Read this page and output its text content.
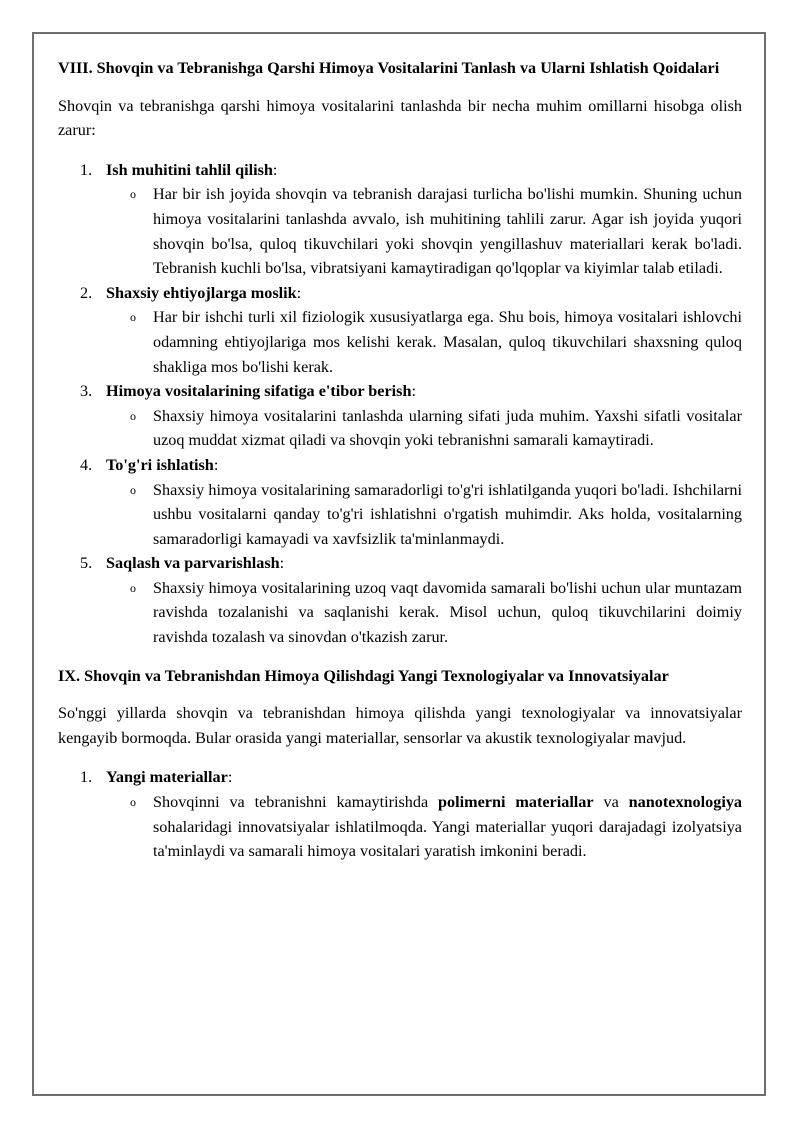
VIII. Shovqin va Tebranishga Qarshi Himoya Vositalarini Tanlash va Ularni Ishlatish Qoidalari

Shovqin va tebranishga qarshi himoya vositalarini tanlashda bir necha muhim omillarni hisobga olish zarur:

1. Ish muhitini tahlil qilish:
o Har bir ish joyida shovqin va tebranish darajasi turlicha bo'lishi mumkin. Shuning uchun himoya vositalarini tanlashda avvalo, ish muhitining tahlili zarur. Agar ish joyida yuqori shovqin bo'lsa, quloq tikuvchilari yoki shovqin yengillashuv materiallari kerak bo'ladi. Tebranish kuchli bo'lsa, vibratsiyani kamaytiradigan qo'lqoplar va kiyimlar talab etiladi.
2. Shaxsiy ehtiyojlarga moslik:
o Har bir ishchi turli xil fiziologik xususiyatlarga ega. Shu bois, himoya vositalari ishlovchi odamning ehtiyojlariga mos kelishi kerak. Masalan, quloq tikuvchilari shaxsning quloq shakliga mos bo'lishi kerak.
3. Himoya vositalarining sifatiga e'tibor berish:
o Shaxsiy himoya vositalarini tanlashda ularning sifati juda muhim. Yaxshi sifatli vositalar uzoq muddat xizmat qiladi va shovqin yoki tebranishni samarali kamaytiradi.
4. To'g'ri ishlatish:
o Shaxsiy himoya vositalarining samaradorligi to'g'ri ishlatilganda yuqori bo'ladi. Ishchilarni ushbu vositalarni qanday to'g'ri ishlatishni o'rgatish muhimdir. Aks holda, vositalarning samaradorligi kamayadi va xavfsizlik ta'minlanmaydi.
5. Saqlash va parvarishlash:
o Shaxsiy himoya vositalarining uzoq vaqt davomida samarali bo'lishi uchun ular muntazam ravishda tozalanishi va saqlanishi kerak. Misol uchun, quloq tikuvchilarini doimiy ravishda tozalash va sinovdan o'tkazish zarur.
IX. Shovqin va Tebranishdan Himoya Qilishdagi Yangi Texnologiyalar va Innovatsiyalar

So'nggi yillarda shovqin va tebranishdan himoya qilishda yangi texnologiyalar va innovatsiyalar kengayib bormoqda. Bular orasida yangi materiallar, sensorlar va akustik texnologiyalar mavjud.

1. Yangi materiallar:
o Shovqinni va tebranishni kamaytirishda polimerni materiallar va nanotexnologiya sohalaridagi innovatsiyalar ishlatilmoqda. Yangi materiallar yuqori darajadagi izolyatsiya ta'minlaydi va samarali himoya vositalari yaratish imkonini beradi.
